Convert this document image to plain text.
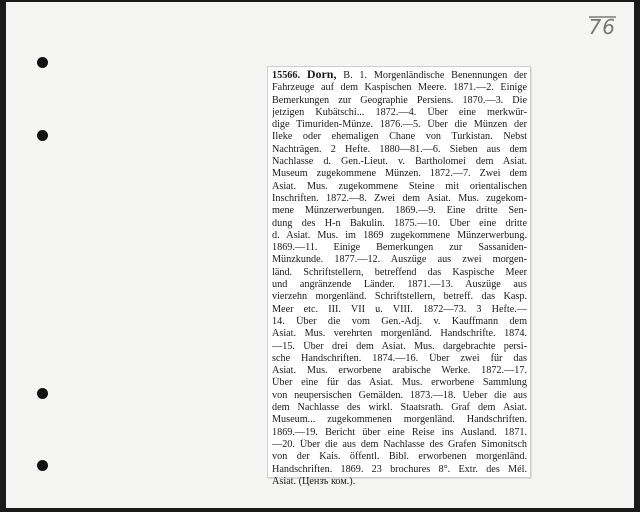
76
15566. Dorn, B. 1. Morgenländische Benennungen der
Fahrzeuge auf dem Kaspischen Meere. 1871.—2. Einige
Bemerkungen zur Geographie Persiens. 1870.—3. Die
jetzigen Kubätschi... 1872.—4. Über eine merkwür-
dige Timuriden-Münze. 1876.—5. Über die Münzen der
Ileke oder ehemaligen Chane von Turkistan. Nebst
Nachträgen. 2 Hefte. 1880—81.—6. Sieben aus dem
Nachlasse d. Gen.-Lieut. v. Bartholomei dem Asiat.
Museum zugekommene Münzen. 1872.—7. Zwei dem
Asiat. Mus. zugekommene Steine mit orientalischen
Inschriften. 1872.—8. Zwei dem Asiat. Mus. zugekom-
mene Münzerwerbungen. 1869.—9. Eine dritte Sen-
dung des H-n Bakulin. 1875.—10. Über eine dritte
d. Asiat. Mus. im 1869 zugekommene Münzerwerbung.
1869.—11. Einige Bemerkungen zur Sassaniden-
Münzkunde. 1877.—12. Auszüge aus zwei morgen-
länd. Schriftstellern, betreffend das Kaspische Meer
und angränzende Länder. 1871.—13. Auszüge aus
vierzehn morgenländ. Schriftstellern, betreff. das Kasp.
Meer etc. III. VII u. VIII. 1872—73. 3 Hefte.—
14. Über die vom Gen.-Adj. v. Kauffmann dem
Asiat. Mus. verehrten morgenländ. Handschrifte. 1874.
—15. Über drei dem Asiat. Mus. dargebrachte persi-
sche Handschriften. 1874.—16. Über zwei für das
Asiat. Mus. erworbene arabische Werke. 1872.—17.
Über eine für das Asiat. Mus. erworbene Sammlung
von neupersischen Gemälden. 1873.—18. Ueber die aus
dem Nachlasse des wirkl. Staatsrath. Graf dem Asiat.
Museum... zugekommenen morgenländ. Handschriften.
1869.—19. Bericht über eine Reise ins Ausland. 1871.
—20. Über die aus dem Nachlasse des Grafen Simonitsch
von der Kais. öffentl. Bibl. erworbenen morgenländ.
Handschriften. 1869. 23 brochures 8°. Extr. des Mél.
Asiat. (Цензъ ком.).
